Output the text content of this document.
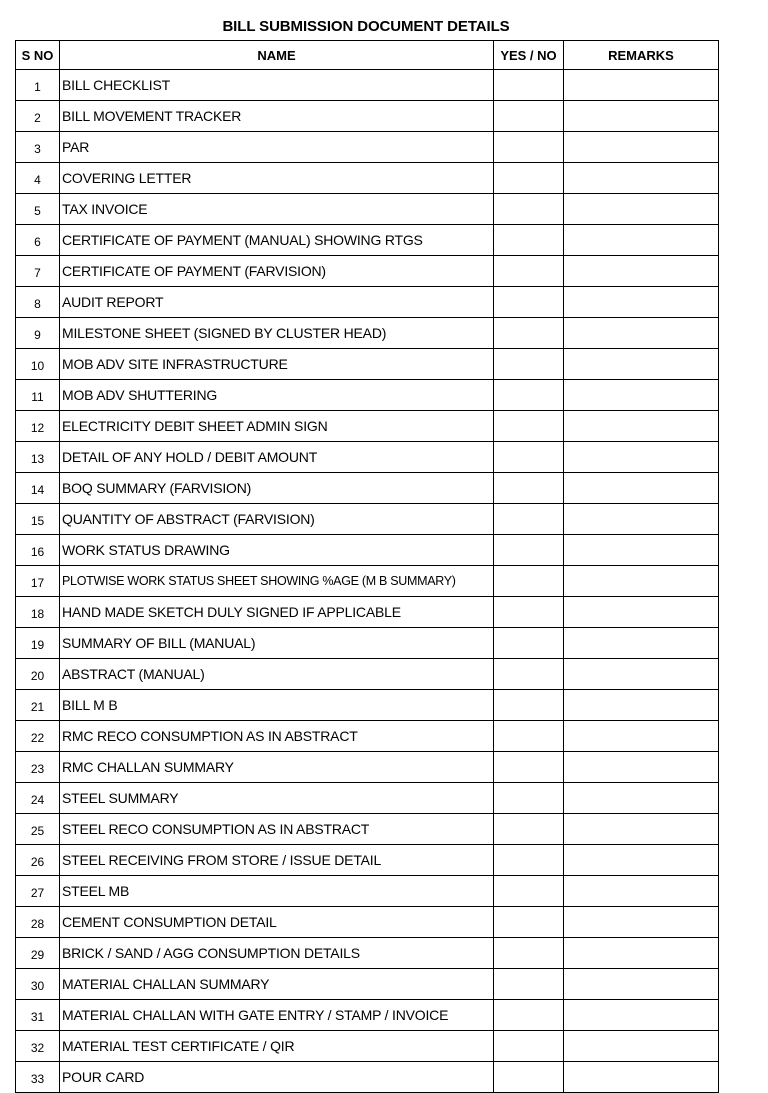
BILL SUBMISSION DOCUMENT DETAILS
S NO	NAME	YES / NO	REMARKS
1	BILL CHECKLIST		
2	BILL MOVEMENT TRACKER		
3	PAR		
4	COVERING LETTER		
5	TAX INVOICE		
6	CERTIFICATE OF PAYMENT (MANUAL) SHOWING RTGS		
7	CERTIFICATE OF PAYMENT (FARVISION)		
8	AUDIT REPORT		
9	MILESTONE SHEET (SIGNED BY CLUSTER HEAD)		
10	MOB ADV SITE INFRASTRUCTURE		
11	MOB ADV SHUTTERING		
12	ELECTRICITY DEBIT SHEET ADMIN SIGN		
13	DETAIL OF ANY HOLD / DEBIT AMOUNT		
14	BOQ SUMMARY (FARVISION)		
15	QUANTITY OF ABSTRACT (FARVISION)		
16	WORK STATUS DRAWING		
17	PLOTWISE WORK STATUS SHEET SHOWING %AGE (M B SUMMARY)		
18	HAND MADE SKETCH DULY SIGNED IF APPLICABLE		
19	SUMMARY OF BILL (MANUAL)		
20	ABSTRACT (MANUAL)		
21	BILL M B		
22	RMC RECO CONSUMPTION AS IN ABSTRACT		
23	RMC CHALLAN SUMMARY		
24	STEEL SUMMARY		
25	STEEL RECO CONSUMPTION AS IN ABSTRACT		
26	STEEL RECEIVING FROM STORE / ISSUE DETAIL		
27	STEEL MB		
28	CEMENT CONSUMPTION DETAIL		
29	BRICK / SAND / AGG CONSUMPTION DETAILS		
30	MATERIAL CHALLAN SUMMARY		
31	MATERIAL CHALLAN WITH GATE ENTRY / STAMP / INVOICE		
32	MATERIAL TEST CERTIFICATE / QIR		
33	POUR CARD		
